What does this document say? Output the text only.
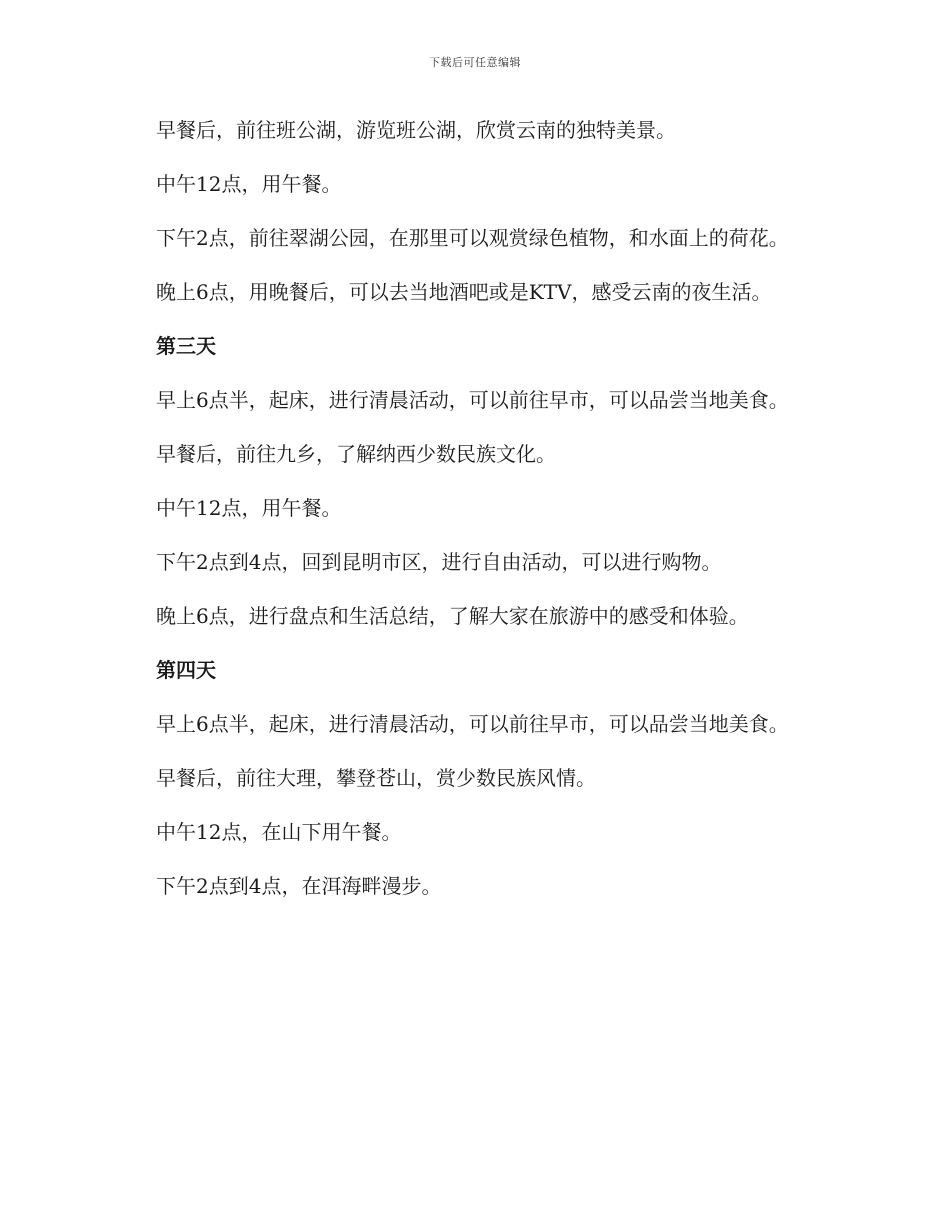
下载后可任意编辑

早餐后，前往班公湖，游览班公湖，欣赏云南的独特美景。

中午12点，用午餐。

下午2点，前往翠湖公园，在那里可以观赏绿色植物，和水面上的荷花。

晚上6点，用晚餐后，可以去当地酒吧或是KTV，感受云南的夜生活。

第三天

早上6点半，起床，进行清晨活动，可以前往早市，可以品尝当地美食。

早餐后，前往九乡，了解纳西少数民族文化。

中午12点，用午餐。

下午2点到4点，回到昆明市区，进行自由活动，可以进行购物。

晚上6点，进行盘点和生活总结，了解大家在旅游中的感受和体验。

第四天

早上6点半，起床，进行清晨活动，可以前往早市，可以品尝当地美食。

早餐后，前往大理，攀登苍山，赏少数民族风情。

中午12点，在山下用午餐。

下午2点到4点，在洱海畔漫步。
